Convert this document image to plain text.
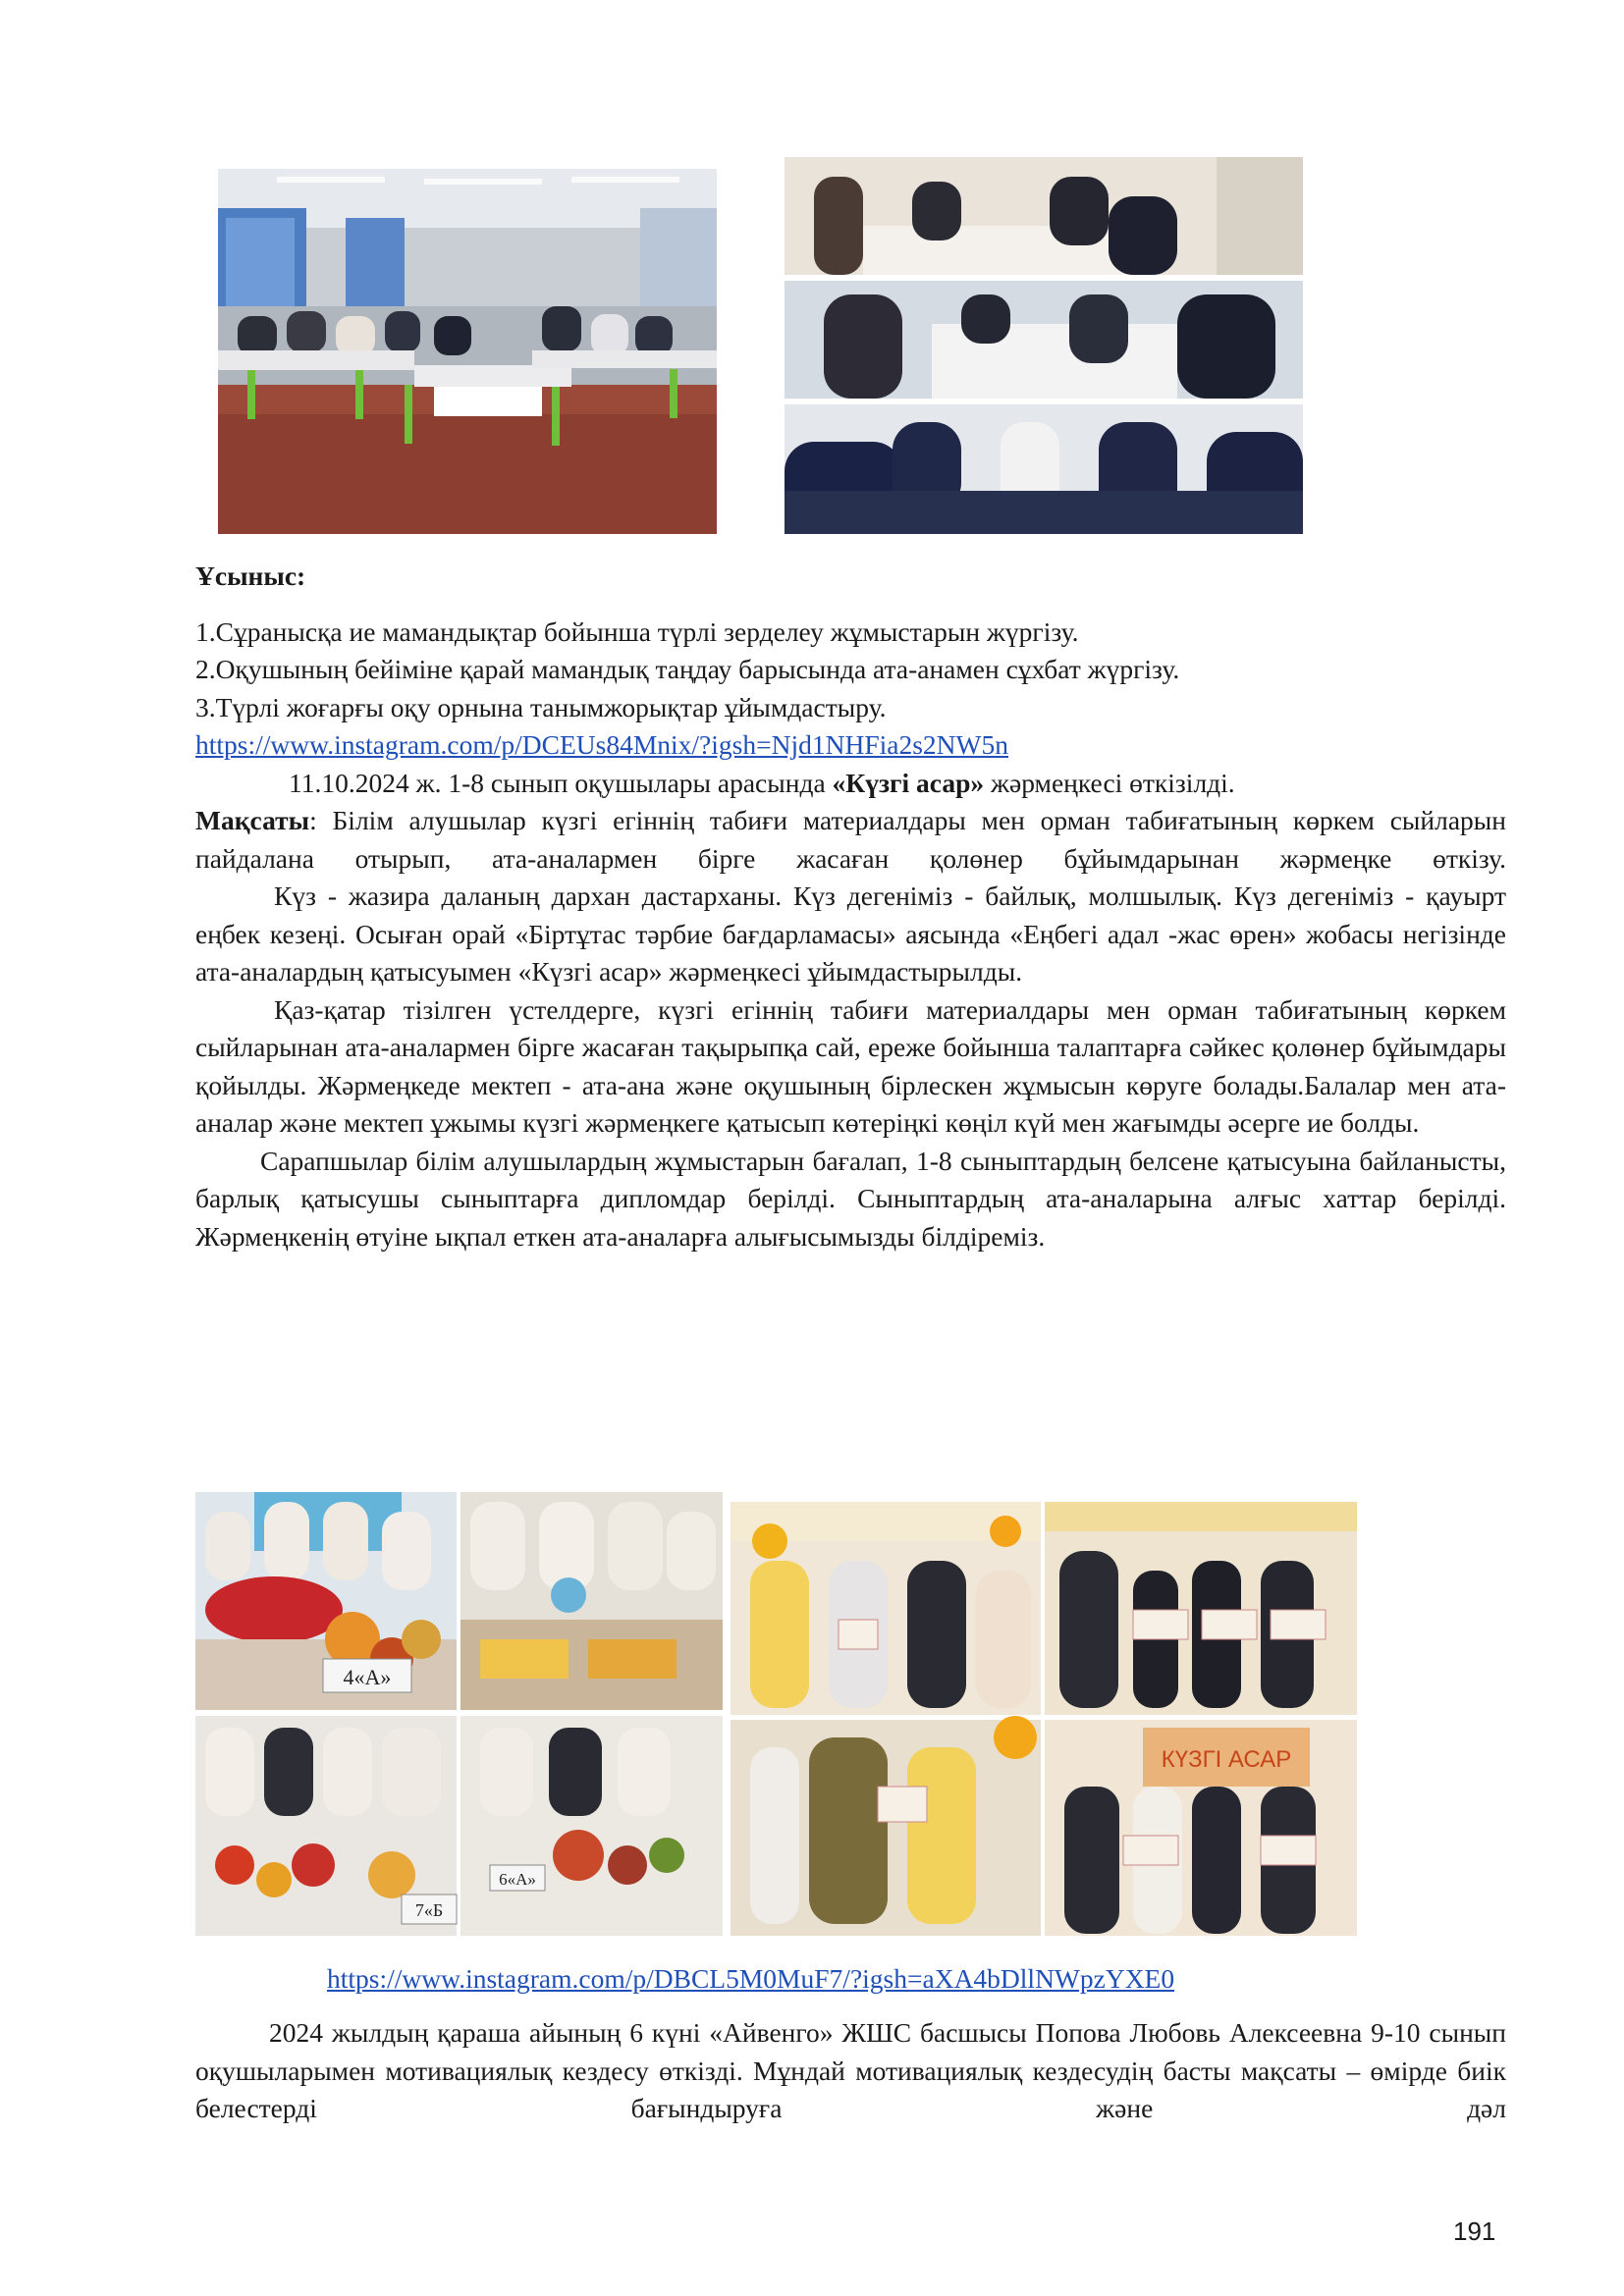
Ұсыныс:

1.Сұранысқа ие мамандықтар бойынша түрлі зерделеу жұмыстарын жүргізу.

2.Оқушының бейіміне қарай мамандық таңдау барысында ата-анамен сұхбат жүргізу.

3.Түрлі жоғарғы оқу орнына танымжорықтар ұйымдастыру.

https://www.instagram.com/p/DCEUs84Mnix/?igsh=Njd1NHFia2s2NW5n

11.10.2024 ж. 1-8 сынып оқушылары арасында «Күзгі асар» жәрмеңкесі өткізілді.

Мақсаты: Білім алушылар күзгі егіннің табиғи материалдары мен орман табиғатының көркем сыйларын пайдалана отырып, ата-аналармен бірге жасаған қолөнер бұйымдарынан жәрмеңке өткізу.

Күз - жазира даланың дархан дастарханы. Күз дегеніміз - байлық, молшылық. Күз дегеніміз - қауырт еңбек кезеңі. Осыған орай «Біртұтас тәрбие бағдарламасы» аясында «Еңбегі адал -жас өрен» жобасы негізінде ата-аналардың қатысуымен «Күзгі асар» жәрмеңкесі ұйымдастырылды.

Қаз-қатар тізілген үстелдерге, күзгі егіннің табиғи материалдары мен орман табиғатының көркем сыйларынан ата-аналармен бірге жасаған тақырыпқа сай, ереже бойынша талаптарға сәйкес қолөнер бұйымдары қойылды. Жәрмеңкеде мектеп - ата-ана және оқушының бірлескен жұмысын көруге болады.Балалар мен ата-аналар және мектеп ұжымы күзгі жәрмеңкеге қатысып көтеріңкі көңіл күй мен жағымды әсерге ие болды.

Сарапшылар білім алушылардың жұмыстарын бағалап, 1-8 сыныптардың белсене қатысуына байланысты, барлық қатысушы сыныптарға дипломдар берілді. Сыныптардың ата-аналарына алғыс хаттар берілді. Жәрмеңкенің өтуіне ықпал еткен ата-аналарға алығысымызды білдіреміз.

4«А»
7«Б
6«А»
КҮЗГІ АСАР
https://www.instagram.com/p/DBCL5M0MuF7/?igsh=aXA4bDllNWpzYXE0

2024 жылдың қараша айының 6 күні «Айвенго» ЖШС басшысы Попова Любовь Алексеевна 9-10 сынып оқушыларымен мотивациялық кездесу өткізді. Мұндай мотивациялық кездесудің басты мақсаты – өмірде биік белестерді бағындыруға және дәл

191
